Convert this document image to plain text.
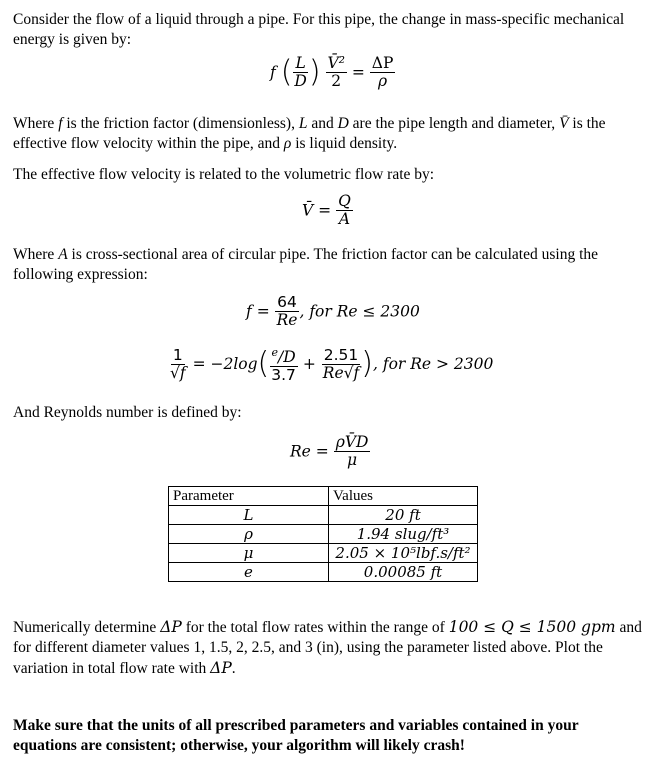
Consider the flow of a liquid through a pipe. For this pipe, the change in mass-specific mechanical energy is given by:

f ( $\frac{L}{D}$ ) $\frac{\text{V̄²}}{2} = \frac{\Delta P}{\rho}$

Where f is the friction factor (dimensionless), L and D are the pipe length and diameter, V̄ is the effective flow velocity within the pipe, and ρ is liquid density.

The effective flow velocity is related to the volumetric flow rate by:

V̄ = $\frac{Q}{A}$

Where A is cross-sectional area of circular pipe. The friction factor can be calculated using the following expression:

$f = \frac{64}{Re}$ , for Re ≤ 2300
$\frac{1}{√f} = -2\log( \frac{^e/D}{3.7} + \frac{2.51}{Re√f}$ ), for Re > 2300

And Reynolds number is defined by:

$Re = \frac{\rho V̄D}{\mu}$
Parameter	Values
L	20 ft
ρ	1.94 slug/ft³
μ	2.05 × 10⁵lbf.s/ft²
e	0.00085 ft

Numerically determine ΔP for the total flow rates within the range of 100 ≤ Q ≤ 1500 gpm and for different diameter values 1, 1.5, 2, 2.5, and 3 (in), using the parameter listed above. Plot the variation in total flow rate with ΔP.

Make sure that the units of all prescribed parameters and variables contained in your equations are consistent; otherwise, your algorithm will likely crash!
